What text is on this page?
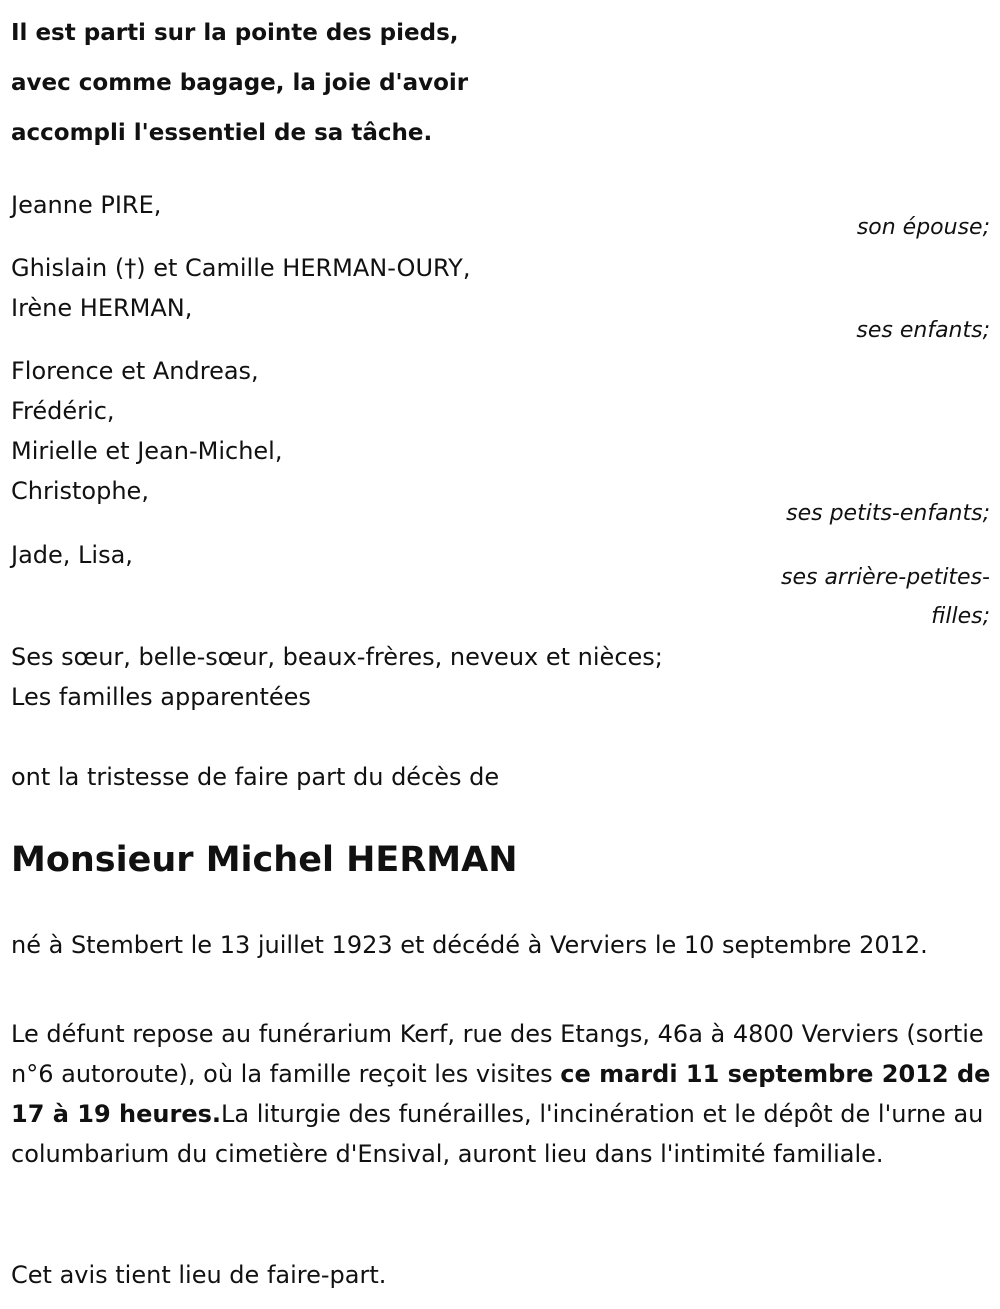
Il est parti sur la pointe des pieds,
avec comme bagage, la joie d'avoir
accompli l'essentiel de sa tâche.
Jeanne PIRE,
son épouse;
Ghislain (†) et Camille HERMAN-OURY,
Irène HERMAN,
ses enfants;
Florence et Andreas,
Frédéric,
Mirielle et Jean-Michel,
Christophe,
ses petits-enfants;
Jade, Lisa,
ses arrière-petites-
filles;
Ses sœur, belle-sœur, beaux-frères, neveux et nièces;
Les familles apparentées
ont la tristesse de faire part du décès de
Monsieur Michel HERMAN
né à Stembert le 13 juillet 1923 et décédé à Verviers le 10 septembre 2012.
Le défunt repose au funérarium Kerf, rue des Etangs, 46a à 4800 Verviers (sortie n°6 autoroute), où la famille reçoit les visites ce mardi 11 septembre 2012 de 17 à 19 heures.La liturgie des funérailles, l'incinération et le dépôt de l'urne au columbarium du cimetière d'Ensival, auront lieu dans l'intimité familiale.
Cet avis tient lieu de faire-part.
